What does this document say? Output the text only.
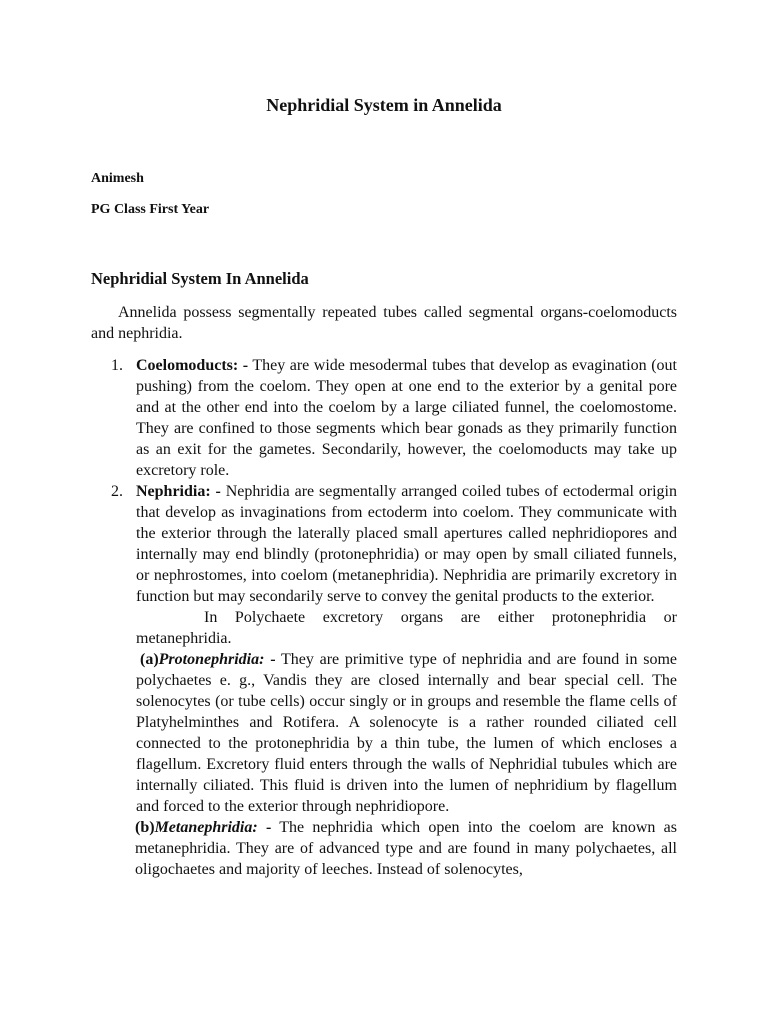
Nephridial System in Annelida

Animesh

PG Class First Year

Nephridial System In Annelida

Annelida possess segmentally repeated tubes called segmental organs-coelomoducts and nephridia.

1. Coelomoducts: - They are wide mesodermal tubes that develop as evagination (out pushing) from the coelom. They open at one end to the exterior by a genital pore and at the other end into the coelom by a large ciliated funnel, the coelomostome. They are confined to those segments which bear gonads as they primarily function as an exit for the gametes. Secondarily, however, the coelomoducts may take up excretory role.

2. Nephridia: - Nephridia are segmentally arranged coiled tubes of ectodermal origin that develop as invaginations from ectoderm into coelom. They communicate with the exterior through the laterally placed small apertures called nephridiopores and internally may end blindly (protonephridia) or may open by small ciliated funnels, or nephrostomes, into coelom (metanephridia). Nephridia are primarily excretory in function but may secondarily serve to convey the genital products to the exterior.

In Polychaete excretory organs are either protonephridia or metanephridia.

(a)Protonephridia: - They are primitive type of nephridia and are found in some polychaetes e. g., Vandis they are closed internally and bear special cell. The solenocytes (or tube cells) occur singly or in groups and resemble the flame cells of Platyhelminthes and Rotifera. A solenocyte is a rather rounded ciliated cell connected to the protonephridia by a thin tube, the lumen of which encloses a flagellum. Excretory fluid enters through the walls of Nephridial tubules which are internally ciliated. This fluid is driven into the lumen of nephridium by flagellum and forced to the exterior through nephridiopore.

(b)Metanephridia: - The nephridia which open into the coelom are known as metanephridia. They are of advanced type and are found in many polychaetes, all oligochaetes and majority of leeches. Instead of solenocytes,
